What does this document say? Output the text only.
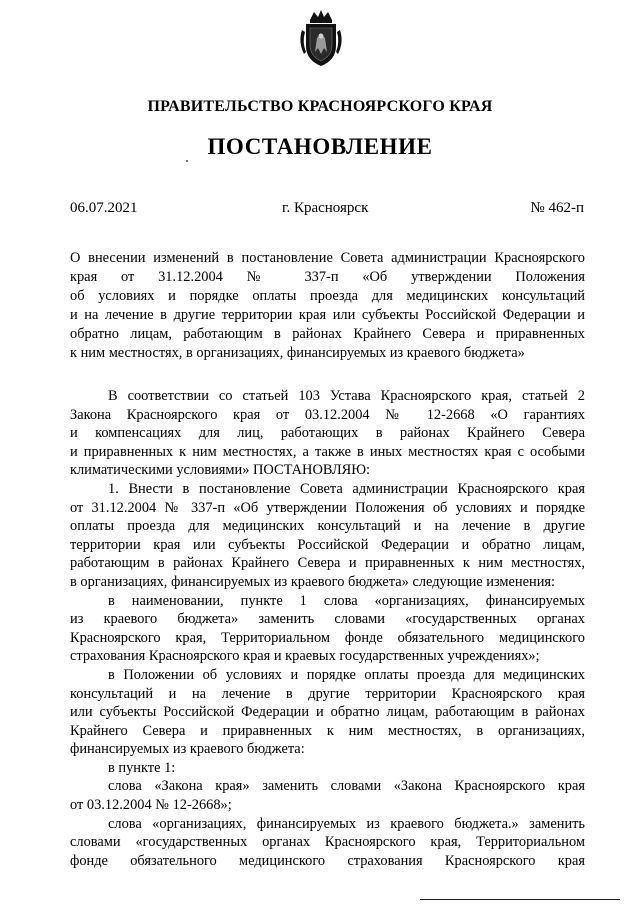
ПРАВИТЕЛЬСТВО КРАСНОЯРСКОГО КРАЯ
ПОСТАНОВЛЕНИЕ
06.07.2021	г. Красноярск	№ 462-п
О внесении изменений в постановление Совета администрации Красноярского
края от 31.12.2004 № 337-п «Об утверждении Положения
об условиях и порядке оплаты проезда для медицинских консультаций
и на лечение в другие территории края или субъекты Российской Федерации и
обратно лицам, работающим в районах Крайнего Севера и приравненных
к ним местностях, в организациях, финансируемых из краевого бюджета»
В соответствии со статьей 103 Устава Красноярского края, статьей 2
Закона Красноярского края от 03.12.2004 № 12-2668 «О гарантиях
и компенсациях для лиц, работающих в районах Крайнего Севера
и приравненных к ним местностях, а также в иных местностях края с особыми
климатическими условиями» ПОСТАНОВЛЯЮ:
1. Внести в постановление Совета администрации Красноярского края
от 31.12.2004 № 337-п «Об утверждении Положения об условиях и порядке
оплаты проезда для медицинских консультаций и на лечение в другие
территории края или субъекты Российской Федерации и обратно лицам,
работающим в районах Крайнего Севера и приравненных к ним местностях,
в организациях, финансируемых из краевого бюджета» следующие изменения:
в наименовании, пункте 1 слова «организациях, финансируемых
из краевого бюджета» заменить словами «государственных органах
Красноярского края, Территориальном фонде обязательного медицинского
страхования Красноярского края и краевых государственных учреждениях»;
в Положении об условиях и порядке оплаты проезда для медицинских
консультаций и на лечение в другие территории Красноярского края
или субъекты Российской Федерации и обратно лицам, работающим в районах
Крайнего Севера и приравненных к ним местностях, в организациях,
финансируемых из краевого бюджета:
в пункте 1:
слова «Закона края» заменить словами «Закона Красноярского края
от 03.12.2004 № 12-2668»;
слова «организациях, финансируемых из краевого бюджета.» заменить
словами «государственных органах Красноярского края, Территориальном
фонде обязательного медицинского страхования Красноярского края
